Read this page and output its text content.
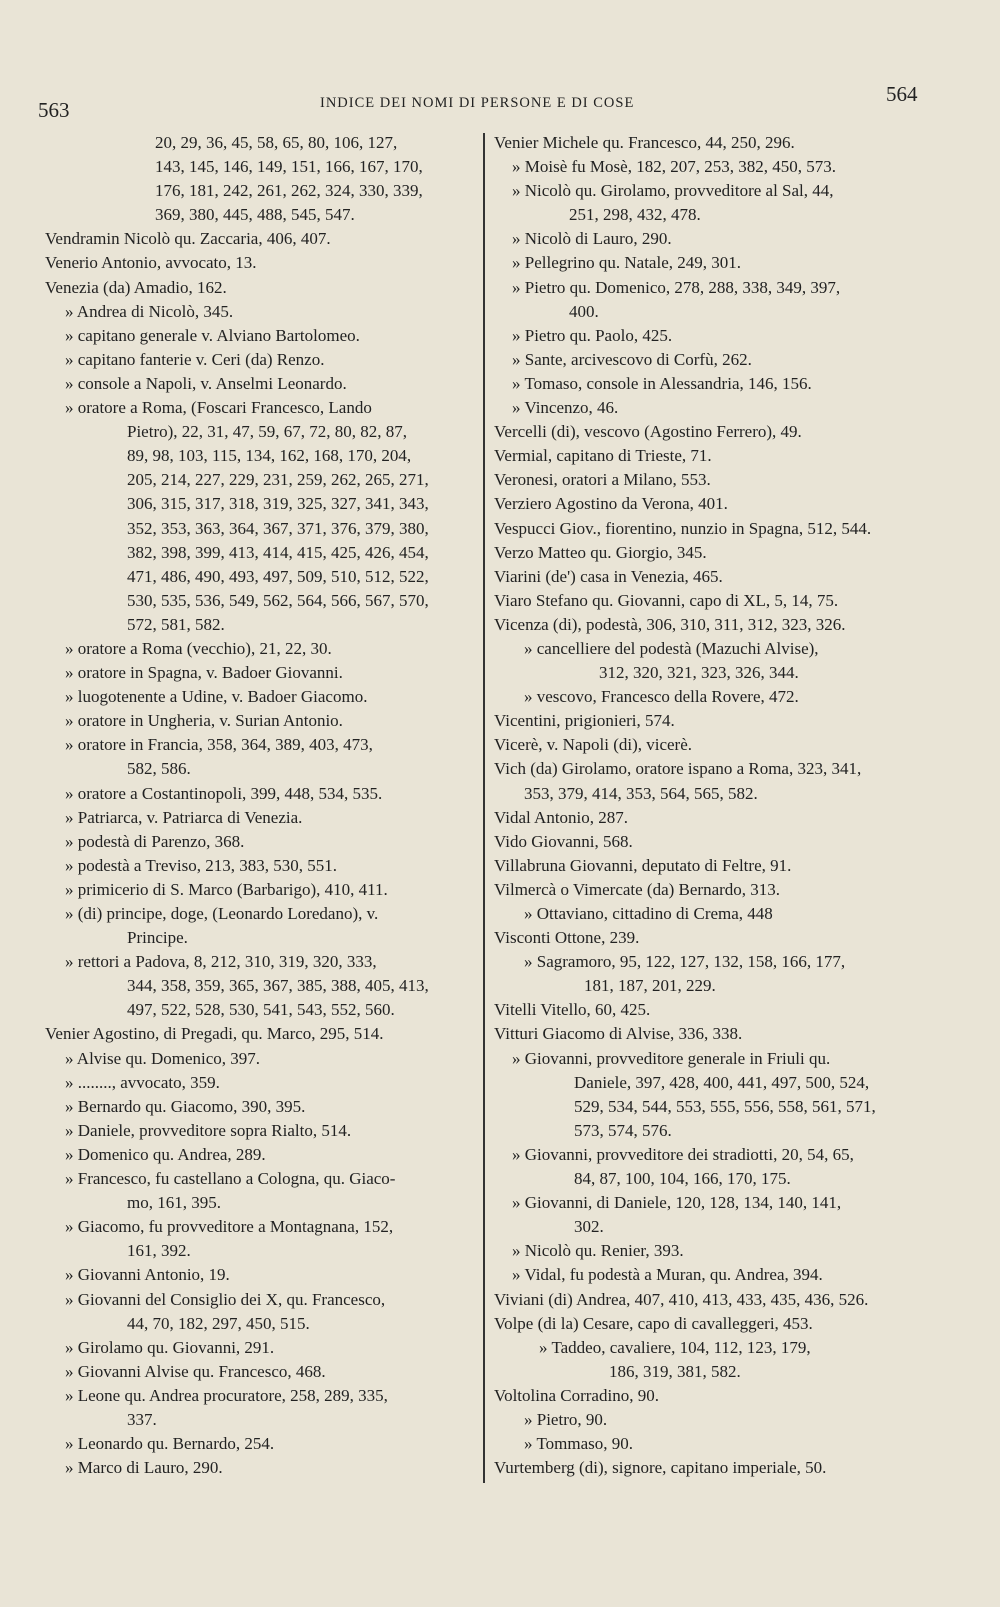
563	INDICE DEI NOMI DI PERSONE E DI COSE	564
20, 29, 36, 45, 58, 65, 80, 106, 127,
143, 145, 146, 149, 151, 166, 167, 170,
176, 181, 242, 261, 262, 324, 330, 339,
369, 380, 445, 488, 545, 547.
Vendramin Nicolò qu. Zaccaria, 406, 407.
Venerio Antonio, avvocato, 13.
Venezia (da) Amadio, 162.
» Andrea di Nicolò, 345.
» capitano generale v. Alviano Bartolomeo.
» capitano fanterie v. Ceri (da) Renzo.
» console a Napoli, v. Anselmi Leonardo.
» oratore a Roma, (Foscari Francesco, Lando
Pietro), 22, 31, 47, 59, 67, 72, 80, 82, 87,
89, 98, 103, 115, 134, 162, 168, 170, 204,
205, 214, 227, 229, 231, 259, 262, 265, 271,
306, 315, 317, 318, 319, 325, 327, 341, 343,
352, 353, 363, 364, 367, 371, 376, 379, 380,
382, 398, 399, 413, 414, 415, 425, 426, 454,
471, 486, 490, 493, 497, 509, 510, 512, 522,
530, 535, 536, 549, 562, 564, 566, 567, 570,
572, 581, 582.
» oratore a Roma (vecchio), 21, 22, 30.
» oratore in Spagna, v. Badoer Giovanni.
» luogotenente a Udine, v. Badoer Giacomo.
» oratore in Ungheria, v. Surian Antonio.
» oratore in Francia, 358, 364, 389, 403, 473,
582, 586.
» oratore a Costantinopoli, 399, 448, 534, 535.
» Patriarca, v. Patriarca di Venezia.
» podestà di Parenzo, 368.
» podestà a Treviso, 213, 383, 530, 551.
» primicerio di S. Marco (Barbarigo), 410, 411.
» (di) principe, doge, (Leonardo Loredano), v.
Principe.
» rettori a Padova, 8, 212, 310, 319, 320, 333,
344, 358, 359, 365, 367, 385, 388, 405, 413,
497, 522, 528, 530, 541, 543, 552, 560.
Venier Agostino, di Pregadi, qu. Marco, 295, 514.
» Alvise qu. Domenico, 397.
» ........, avvocato, 359.
» Bernardo qu. Giacomo, 390, 395.
» Daniele, provveditore sopra Rialto, 514.
» Domenico qu. Andrea, 289.
» Francesco, fu castellano a Cologna, qu. Giaco-
mo, 161, 395.
» Giacomo, fu provveditore a Montagnana, 152,
161, 392.
» Giovanni Antonio, 19.
» Giovanni del Consiglio dei X, qu. Francesco,
44, 70, 182, 297, 450, 515.
» Girolamo qu. Giovanni, 291.
» Giovanni Alvise qu. Francesco, 468.
» Leone qu. Andrea procuratore, 258, 289, 335,
337.
» Leonardo qu. Bernardo, 254.
» Marco di Lauro, 290.
Venier Michele qu. Francesco, 44, 250, 296.
» Moisè fu Mosè, 182, 207, 253, 382, 450, 573.
» Nicolò qu. Girolamo, provveditore al Sal, 44,
251, 298, 432, 478.
» Nicolò di Lauro, 290.
» Pellegrino qu. Natale, 249, 301.
» Pietro qu. Domenico, 278, 288, 338, 349, 397,
400.
» Pietro qu. Paolo, 425.
» Sante, arcivescovo di Corfù, 262.
» Tomaso, console in Alessandria, 146, 156.
» Vincenzo, 46.
Vercelli (di), vescovo (Agostino Ferrero), 49.
Vermial, capitano di Trieste, 71.
Veronesi, oratori a Milano, 553.
Verziero Agostino da Verona, 401.
Vespucci Giov., fiorentino, nunzio in Spagna, 512, 544.
Verzo Matteo qu. Giorgio, 345.
Viarini (de') casa in Venezia, 465.
Viaro Stefano qu. Giovanni, capo di XL, 5, 14, 75.
Vicenza (di), podestà, 306, 310, 311, 312, 323, 326.
» cancelliere del podestà (Mazuchi Alvise),
312, 320, 321, 323, 326, 344.
» vescovo, Francesco della Rovere, 472.
Vicentini, prigionieri, 574.
Vicerè, v. Napoli (di), vicerè.
Vich (da) Girolamo, oratore ispano a Roma, 323, 341,
353, 379, 414, 353, 564, 565, 582.
Vidal Antonio, 287.
Vido Giovanni, 568.
Villabruna Giovanni, deputato di Feltre, 91.
Vilmercà o Vimercate (da) Bernardo, 313.
» Ottaviano, cittadino di Crema, 448
Visconti Ottone, 239.
» Sagramoro, 95, 122, 127, 132, 158, 166, 177,
181, 187, 201, 229.
Vitelli Vitello, 60, 425.
Vitturi Giacomo di Alvise, 336, 338.
» Giovanni, provveditore generale in Friuli qu.
Daniele, 397, 428, 400, 441, 497, 500, 524,
529, 534, 544, 553, 555, 556, 558, 561, 571,
573, 574, 576.
» Giovanni, provveditore dei stradiotti, 20, 54, 65,
84, 87, 100, 104, 166, 170, 175.
» Giovanni, di Daniele, 120, 128, 134, 140, 141,
302.
» Nicolò qu. Renier, 393.
» Vidal, fu podestà a Muran, qu. Andrea, 394.
Viviani (di) Andrea, 407, 410, 413, 433, 435, 436, 526.
Volpe (di la) Cesare, capo di cavalleggeri, 453.
» Taddeo, cavaliere, 104, 112, 123, 179,
186, 319, 381, 582.
Voltolina Corradino, 90.
» Pietro, 90.
» Tommaso, 90.
Vurtemberg (di), signore, capitano imperiale, 50.
